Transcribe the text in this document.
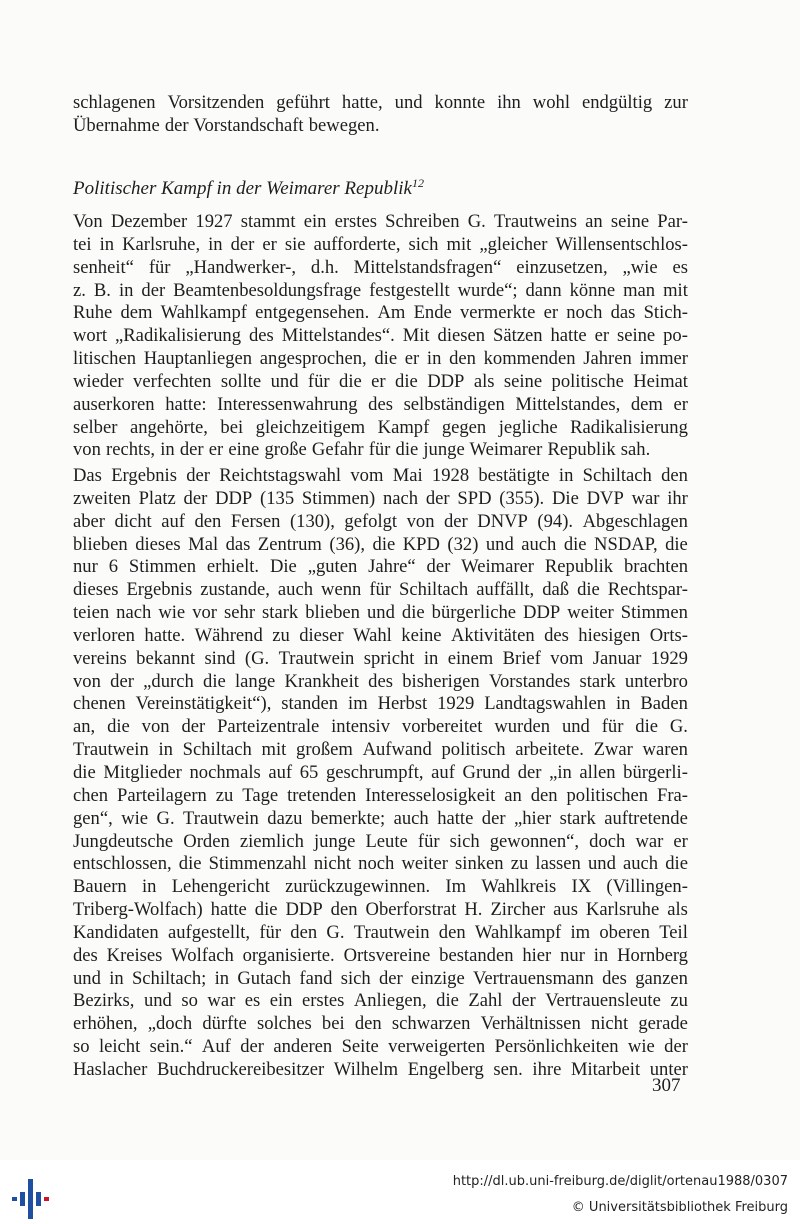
schlagenen Vorsitzenden geführt hatte, und konnte ihn wohl endgültig zur
Übernahme der Vorstandschaft bewegen.
Politischer Kampf in der Weimarer Republik$^{12}$
Von Dezember 1927 stammt ein erstes Schreiben G. Trautweins an seine Par-
tei in Karlsruhe, in der er sie aufforderte, sich mit „gleicher Willensentschlos-
senheit“ für „Handwerker-, d.h. Mittelstandsfragen“ einzusetzen, „wie es
z. B. in der Beamtenbesoldungsfrage festgestellt wurde“; dann könne man mit
Ruhe dem Wahlkampf entgegensehen. Am Ende vermerkte er noch das Stich-
wort „Radikalisierung des Mittelstandes“. Mit diesen Sätzen hatte er seine po-
litischen Hauptanliegen angesprochen, die er in den kommenden Jahren immer
wieder verfechten sollte und für die er die DDP als seine politische Heimat
auserkoren hatte: Interessenwahrung des selbständigen Mittelstandes, dem er
selber angehörte, bei gleichzeitigem Kampf gegen jegliche Radikalisierung
von rechts, in der er eine große Gefahr für die junge Weimarer Republik sah.
Das Ergebnis der Reichtstagswahl vom Mai 1928 bestätigte in Schiltach den
zweiten Platz der DDP (135 Stimmen) nach der SPD (355). Die DVP war ihr
aber dicht auf den Fersen (130), gefolgt von der DNVP (94). Abgeschlagen
blieben dieses Mal das Zentrum (36), die KPD (32) und auch die NSDAP, die
nur 6 Stimmen erhielt. Die „guten Jahre“ der Weimarer Republik brachten
dieses Ergebnis zustande, auch wenn für Schiltach auffällt, daß die Rechtspar-
teien nach wie vor sehr stark blieben und die bürgerliche DDP weiter Stimmen
verloren hatte. Während zu dieser Wahl keine Aktivitäten des hiesigen Orts-
vereins bekannt sind (G. Trautwein spricht in einem Brief vom Januar 1929
von der „durch die lange Krankheit des bisherigen Vorstandes stark unterbro
chenen Vereinstätigkeit“), standen im Herbst 1929 Landtagswahlen in Baden
an, die von der Parteizentrale intensiv vorbereitet wurden und für die G.
Trautwein in Schiltach mit großem Aufwand politisch arbeitete. Zwar waren
die Mitglieder nochmals auf 65 geschrumpft, auf Grund der „in allen bürgerli-
chen Parteilagern zu Tage tretenden Interesselosigkeit an den politischen Fra-
gen“, wie G. Trautwein dazu bemerkte; auch hatte der „hier stark auftretende
Jungdeutsche Orden ziemlich junge Leute für sich gewonnen“, doch war er
entschlossen, die Stimmenzahl nicht noch weiter sinken zu lassen und auch die
Bauern in Lehengericht zurückzugewinnen. Im Wahlkreis IX (Villingen-
Triberg-Wolfach) hatte die DDP den Oberforstrat H. Zircher aus Karlsruhe als
Kandidaten aufgestellt, für den G. Trautwein den Wahlkampf im oberen Teil
des Kreises Wolfach organisierte. Ortsvereine bestanden hier nur in Hornberg
und in Schiltach; in Gutach fand sich der einzige Vertrauensmann des ganzen
Bezirks, und so war es ein erstes Anliegen, die Zahl der Vertrauensleute zu
erhöhen, „doch dürfte solches bei den schwarzen Verhältnissen nicht gerade
so leicht sein.“ Auf der anderen Seite verweigerten Persönlichkeiten wie der
Haslacher Buchdruckereibesitzer Wilhelm Engelberg sen. ihre Mitarbeit unter
307
http://dl.ub.uni-freiburg.de/diglit/ortenau1988/0307
© Universitätsbibliothek Freiburg
